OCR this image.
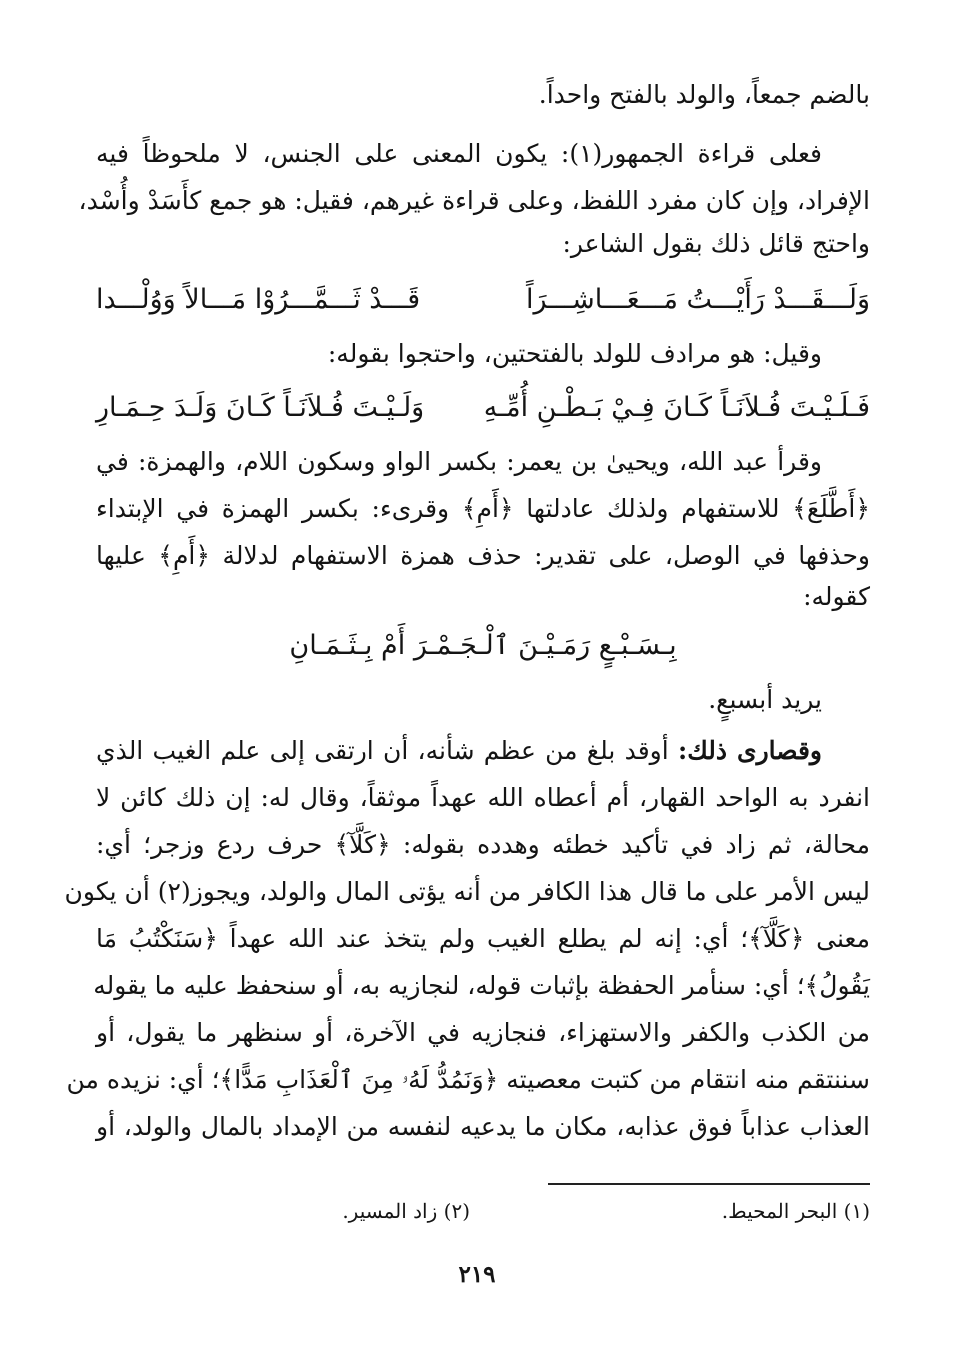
بالضم جمعاً، والولد بالفتح واحداً.
فعلى قراءة الجمهور(١): يكون المعنى على الجنس، لا ملحوظاً فيه
الإفراد، وإن كان مفرد اللفظ، وعلى قراءة غيرهم، فقيل: هو جمع كأَسَدْ وأُسْد،
واحتج قائل ذلك بقول الشاعر:
وَلَـــقَـــدْ رَأَيْـــتُ مَـــعَـــاشِـــرَاً
قَـــدْ ثَـــمَّـــرُوْا مَـــالاً وَوُلْـــدا
وقيل: هو مرادف للولد بالفتحتين، واحتجوا بقوله:
فَـلَـيْـتَ فُـلاَنَـاً كَـانَ فِـيْ بَـطْـنِ أُمِّـهِ
وَلَـيْـتَ فُـلاَنَـاً كَـانَ وَلَـدَ حِـمَـارِ
وقرأ عبد الله، ويحيىٰ بن يعمر: بكسر الواو وسكون اللام، والهمزة: في
﴿أَطَّلَعَ﴾ للاستفهام ولذلك عادلتها ﴿أَمِ﴾ وقرىء: بكسر الهمزة في الإبتداء
وحذفها في الوصل، على تقدير: حذف همزة الاستفهام لدلالة ﴿أَمِ﴾ عليها
كقوله:
بِـسَـبْـعٍ رَمَـيْـنَ ٱلْـجَـمْـرَ أَمْ بِـثَـمَـانِ
يريد أبسبعٍ.
وقصارى ذلك: أوقد بلغ من عظم شأنه، أن ارتقى إلى علم الغيب الذي
انفرد به الواحد القهار، أم أعطاه الله عهداً موثقاً، وقال له: إن ذلك كائن لا
محالة، ثم زاد في تأكيد خطئه وهدده بقوله: ﴿كَلَّآ﴾ حرف ردع وزجر؛ أي:
ليس الأمر على ما قال هذا الكافر من أنه يؤتى المال والولد، ويجوز(٢) أن يكون
معنى ﴿كَلَّآ﴾؛ أي: إنه لم يطلع الغيب ولم يتخذ عند الله عهداً ﴿سَنَكْتُبُ مَا
يَقُولُ﴾؛ أي: سنأمر الحفظة بإثبات قوله، لنجازيه به، أو سنحفظ عليه ما يقوله
من الكذب والكفر والاستهزاء، فنجازيه في الآخرة، أو سنظهر ما يقول، أو
سننتقم منه انتقام من كتبت معصيته ﴿وَنَمُدُّ لَهُۥ مِنَ ٱلْعَذَابِ مَدًّا﴾؛ أي: نزيده من
العذاب عذاباً فوق عذابه، مكان ما يدعيه لنفسه من الإمداد بالمال والولد، أو
(١) البحر المحيط.
(٢) زاد المسير.
٢١٩
